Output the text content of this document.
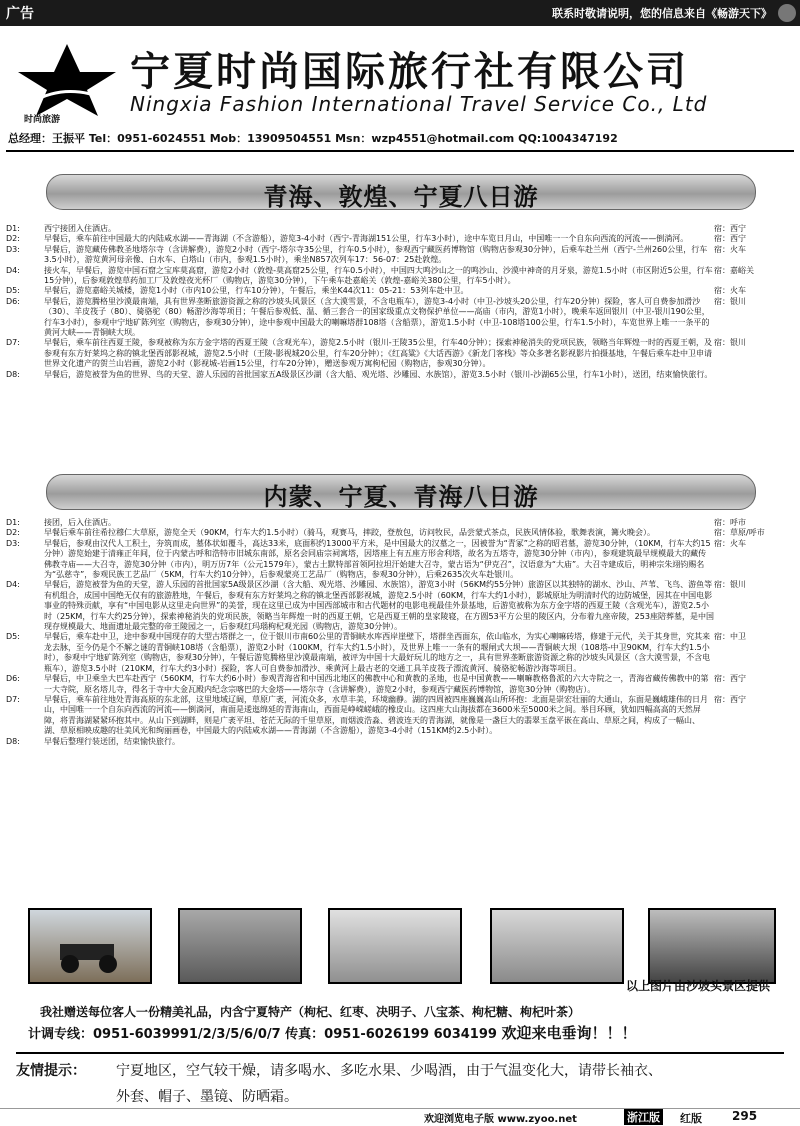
广告	联系时敬请说明，您的信息来自《畅游天下》
时尚旅游
宁夏时尚国际旅行社有限公司
Ningxia Fashion International Travel Service Co., Ltd
总经理：王振平 Tel：0951-6024551 Mob：13909504551 Msn：wzp4551@hotmail.com QQ:1004347192
青海、敦煌、宁夏八日游
D1:	西宁接团入住酒店。	宿：西宁
D2:	早餐后，乘车前往中国最大的内陆咸水湖——青海湖（不含游船），游览3-4小时（西宁-青海湖151公里，行车3小时），途中车览日月山，中国唯一一个自东向西流的河流——倒淌河。	宿：西宁
D3:	早餐后，游览藏传佛教圣地塔尔寺（含讲解费），游览2小时（西宁-塔尔寺35公里，行车0.5小时），参观西宁藏医药博物馆（购物店参观30分钟），后乘车赴兰州（西宁-兰州260公里，行车3.5小时），游览黄河母亲像、白水车、白塔山（市内，参观1.5小时），乘坐N857次列车17：56-07：25赴敦煌。
宿：火车
D4:	接火车，早餐后，游览中国石窟之宝库莫高窟，游览2小时（敦煌-莫高窟25公里，行车0.5小时），中国四大鸣沙山之一的鸣沙山、沙漠中神奇的月牙泉，游览1.5小时（市区附近5公里，行车15分钟），后参观敦煌草药加工厂及敦煌夜光杯厂（购物店，游览30分钟），下午乘车赴嘉峪关（敦煌-嘉峪关380公里，行车5小时）。
宿：嘉峪关
D5:	早餐后，游览嘉峪关城楼，游览1小时（市内10公里，行车10分钟），午餐后，乘坐K44次11：05-21：53列车赴中卫。	宿：火车
D6:	早餐后，游览腾格里沙漠最南端，具有世界垄断旅游资源之称的沙坡头风景区（含大漠雪景，不含电瓶车），游览3-4小时（中卫-沙坡头20公里，行车20分钟）探险，客人可自费参加滑沙（30）、羊皮筏子（80）、骑骆驼（80）畅游沙海等项目；午餐后参观低、温、循三套合一的国家级重点文物保护单位——高庙（市内，游览1小时），晚乘车返回银川（中卫-银川190公里，行车3小时），参观中宁地矿陈列室（购物店，参观30分钟），途中参观中国最大的喇嘛塔群108塔（含船票），游览1.5小时（中卫-108塔100公里，行车1.5小时），车览世界上唯一一条平的黄河大峡——青铜峡大坝。
宿：银川
D7:	早餐后，乘车前往西夏王陵，参观被称为东方金字塔的西夏王陵（含观光车），游览2.5小时（银川-王陵35公里，行车40分钟）；探索神秘消失的党项民族，领略当年辉煌一时的西夏王朝，及参观有东方好莱坞之称的镇北堡西部影视城，游览2.5小时（王陵-影视城20公里，行车20分钟）；《红高粱》《大话西游》《新龙门客栈》等众多著名影视影片拍摄基地，午餐后乘车赴中卫申请世界文化遗产的贺兰山岩画，游览2小时（影视城-岩画15公里，行车20分钟），赠送参观万寓枸杞园（购物店，参观30分钟）。
宿：银川
D8:	早餐后，游览被誉为鱼的世界、鸟的天堂、游人乐园的首批国家五A级景区沙湖（含大船、观光塔、沙雕园、水族馆），游览3.5小时（银川-沙湖65公里，行车1小时），送团，结束愉快旅行。
内蒙、宁夏、青海八日游
D1:	接团，后入住酒店。	宿：呼市
D2:	早餐后乘车前往希拉穆仁大草原，游览全天（90KM，行车大约1.5小时）（骑马，观赛马，摔跤，登敖包，访问牧民，品尝蒙式茶点，民族风情体验，歌舞表演，篝火晚会）。	宿：草原/呼市
D3:	早餐后，参观由汉代人工积土，夯筑而成，墓体状如覆斗，高达33米，底面积约13000平方米，是中国最大的汉墓之一，因被誉为“青冢”之称的昭君墓，游览30分钟，（10KM，行车大约15分钟）游览始建于清雍正年间，位于内蒙古呼和浩特市旧城东南部，原名会同庙宗祠寓塔，因塔座上有五座方形舍利塔，故名为五塔寺，游览30分钟（市内），参观建筑最早规模最大的藏传佛教寺庙——大召寺，游览30分钟（市内），明万历7年（公元1579年），蒙古土默特部首领阿拉坦汗始建大召寺，蒙古语为“伊克召”，汉语意为“大庙”。大召寺建成后，明神宗朱翊钧赐名为“弘慈寺”，参观民族工艺品厂（5KM，行车大约10分钟），后参观蒙亮工艺品厂（购物店，参观30分钟），后乘2635次火车赴银川。
宿：火车
D4:	早餐后，游览被誉为鱼的天堂，游人乐园的首批国家5A级景区沙湖（含大船、观光塔、沙雕园、水族馆），游览3小时（56KM约55分钟）旅游区以其独特的湖水、沙山、芦苇、飞鸟、游鱼等有机组合，成国中国绝无仅有的旅游胜地，午餐后，参观有东方好莱坞之称的镇北堡西部影视城，游览2.5小时（60KM，行车大约1小时），影城原址为明清时代的边防城堡，因其在中国电影事业的特殊贡献，享有“中国电影从这里走向世界”的美誉，现在这里已成为中国西部城市和古代题材的电影电视最佳外景基地，后游览被称为东方金字塔的西夏王陵（含观光车），游览2.5小时（25KM，行车大约25分钟），探索神秘消失的党项民族，领略当年辉煌一时的西夏王朝，它是西夏王朝的皇家陵寝，在方圆53平方公里的陵区内，分布着九座帝陵，253座陪葬墓，是中国现存规模最大、地面遗址最完整的帝王陵园之一，后参观红玛瑙枸杞观光园（购物店，游览30分钟）。
宿：银川
D5:	早餐后，乘车赴中卫，途中参观中国现存的大型古塔群之一，位于银川市南60公里的青铜峡水库西岸崖壁下，塔群坐西面东，依山临水，为实心喇嘛砖塔，修建于元代，关于其身世，究其来龙去脉，至今仍是个不解之谜的青铜峡108塔（含船票），游览2小时（100KM，行车大约1.5小时），及世界上唯一一条有的堰闸式大坝——青铜峡大坝（108塔-中卫90KM，行车大约1.5小时），参观中宁地矿陈列室（购物店，参观30分钟），午餐后游览腾格里沙漠最南端，被评为中国十大最好玩儿的地方之一，具有世界垄断旅游资源之称的沙坡头风景区（含大漠雪景，不含电瓶车），游览3.5小时（210KM，行车大约3小时）探险，客人可自费参加滑沙、乘黄河上最古老的交通工具羊皮筏子漂流黄河、骑骆驼畅游沙海等项目。
宿：中卫
D6:	早餐后，中卫乘坐大巴车赴西宁（560KM，行车大约6小时）参观青海省和中国西北地区的佛教中心和黄教的圣地，也是中国黄教——喇嘛教格鲁派的六大寺院之一，青海省藏传佛教中的第一大寺院，原名塔儿寺，得名于寺中大金瓦殿内纪念宗喀巴的大金塔——塔尔寺（含讲解费），游览2小时，参观西宁藏医药博物馆，游览30分钟（购物店）。
宿：西宁
D7:	早餐后，乘车前往地处青海高原的东北部，这里地域辽阔，草原广袤，河流众多，水草丰美，环境幽静。湖的四周被四座巍巍高山所环抱：北面是崇宏壮丽的大通山，东面是巍峨雄伟的日月山，中国唯一一个自东向西流的河流——倒淌河，南面是逶迤绵延的青海南山，西面是峥嵘嵯峨的橡皮山。这四座大山海拔都在3600米至5000米之间。举目环顾，犹如四幅高高的天然屏障，将青海湖紧紧环抱其中。从山下到湖畔，则是广袤平坦、苍茫无际的千里草原，而烟波浩淼、碧波连天的青海湖，就像是一盏巨大的翡翠玉盘平嵌在高山、草原之间，构成了一幅山、湖、草原相映成趣的壮美风光和绚丽画卷，中国最大的内陆咸水湖——青海湖（不含游船），游览3-4小时（151KM约2.5小时）。
宿：西宁
D8:	早餐后整理行装送团，结束愉快旅行。
以上图片由沙坡头景区提供
我社赠送每位客人一份精美礼品，内含宁夏特产（枸杞、红枣、决明子、八宝茶、枸杞糖、枸杞叶茶）
计调专线：0951-6039991/2/3/5/6/0/7 传真：0951-6026199 6034199 欢迎来电垂询！！！
友情提示： 宁夏地区，空气较干燥，请多喝水、多吃水果、少喝酒，由于气温变化大，请带长袖衣、
外套、帽子、墨镜、防晒霜。
欢迎浏览电子版 www.zyoo.net	浙江版 红版	295
